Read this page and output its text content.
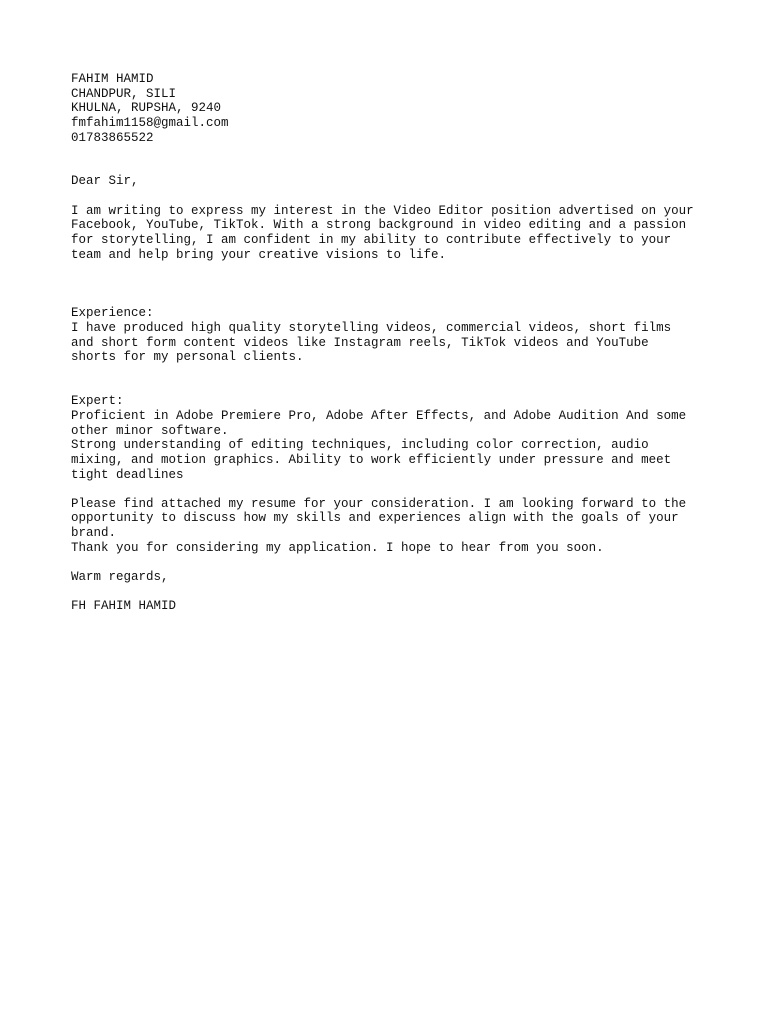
FAHIM HAMID
CHANDPUR, SILI
KHULNA, RUPSHA, 9240
fmfahim1158@gmail.com
01783865522
Dear Sir,
I am writing to express my interest in the Video Editor position advertised on your
Facebook, YouTube, TikTok. With a strong background in video editing and a passion
for storytelling, I am confident in my ability to contribute effectively to your
team and help bring your creative visions to life.
Experience:
I have produced high quality storytelling videos, commercial videos, short films
and short form content videos like Instagram reels, TikTok videos and YouTube
shorts for my personal clients.
Expert:
Proficient in Adobe Premiere Pro, Adobe After Effects, and Adobe Audition And some
other minor software.
Strong understanding of editing techniques, including color correction, audio
mixing, and motion graphics. Ability to work efficiently under pressure and meet
tight deadlines
Please find attached my resume for your consideration. I am looking forward to the
opportunity to discuss how my skills and experiences align with the goals of your
brand.
Thank you for considering my application. I hope to hear from you soon.
Warm regards,
FH FAHIM HAMID
